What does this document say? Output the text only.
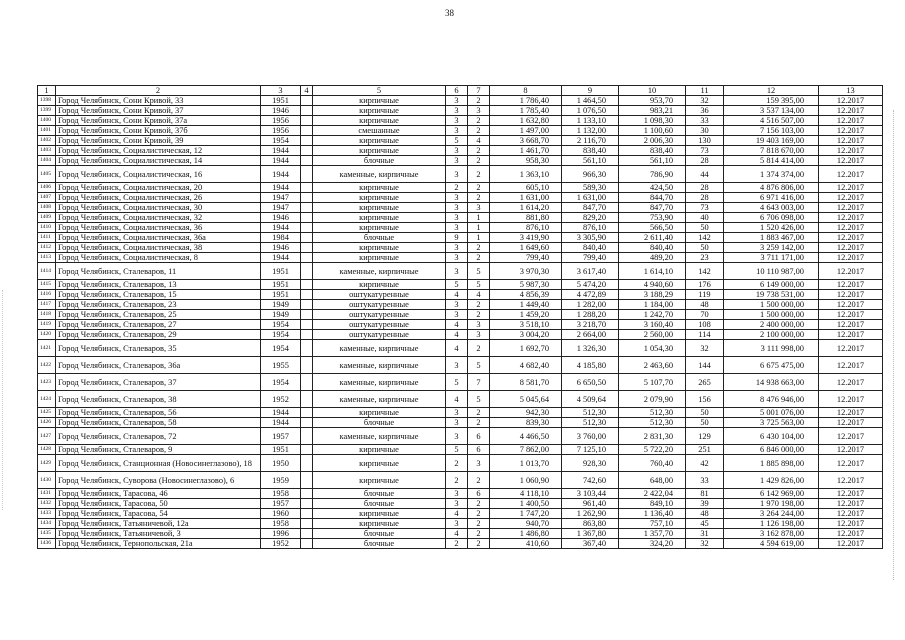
38
1	2	3	4	5	6	7	8	9	10	11	12	13
1398	Город Челябинск, Сони Кривой, 33	1951		кирпичные	3	2	1 786,40	1 464,50	953,70	32	159 395,00	12.2017
1399	Город Челябинск, Сони Кривой, 37	1946		кирпичные	3	3	1 785,40	1 076,50	983,21	36	3 537 134,00	12.2017
1400	Город Челябинск, Сони Кривой, 37а	1956		кирпичные	3	2	1 632,80	1 133,10	1 098,30	33	4 516 507,00	12.2017
1401	Город Челябинск, Сони Кривой, 37б	1956		смешанные	3	2	1 497,00	1 132,00	1 100,60	30	7 156 103,00	12.2017
1402	Город Челябинск, Сони Кривой, 39	1954		кирпичные	5	4	3 668,70	2 116,70	2 006,30	130	19 403 169,00	12.2017
1403	Город Челябинск, Социалистическая, 12	1944		кирпичные	3	2	1 461,70	838,40	838,40	73	7 818 670,00	12.2017
1404	Город Челябинск, Социалистическая, 14	1944		блочные	3	2	958,30	561,10	561,10	28	5 814 414,00	12.2017
1405	Город Челябинск, Социалистическая, 16	1944		каменные, кирпичные	3	2	1 363,10	966,30	786,90	44	1 374 374,00	12.2017
1406	Город Челябинск, Социалистическая, 20	1944		кирпичные	2	2	605,10	589,30	424,50	28	4 876 806,00	12.2017
1407	Город Челябинск, Социалистическая, 26	1947		кирпичные	3	2	1 631,00	1 631,00	844,70	28	6 971 416,00	12.2017
1408	Город Челябинск, Социалистическая, 30	1947		кирпичные	3	3	1 614,20	847,70	847,70	73	4 643 003,00	12.2017
1409	Город Челябинск, Социалистическая, 32	1946		кирпичные	3	1	881,80	829,20	753,90	40	6 706 098,00	12.2017
1410	Город Челябинск, Социалистическая, 36	1944		кирпичные	3	1	876,10	876,10	566,50	50	1 520 426,00	12.2017
1411	Город Челябинск, Социалистическая, 36а	1984		блочные	9	1	3 419,90	3 305,90	2 611,40	142	1 883 467,00	12.2017
1412	Город Челябинск, Социалистическая, 38	1946		кирпичные	3	2	1 649,60	840,40	840,40	50	3 259 142,00	12.2017
1413	Город Челябинск, Социалистическая, 8	1944		кирпичные	3	2	799,40	799,40	489,20	23	3 711 171,00	12.2017
1414	Город Челябинск, Сталеваров, 11	1951		каменные, кирпичные	3	5	3 970,30	3 617,40	1 614,10	142	10 110 987,00	12.2017
1415	Город Челябинск, Сталеваров, 13	1951		кирпичные	5	5	5 987,30	5 474,20	4 940,60	176	6 149 000,00	12.2017
1416	Город Челябинск, Сталеваров, 15	1951		оштукатуренные	4	4	4 856,39	4 472,89	3 188,29	119	19 738 531,00	12.2017
1417	Город Челябинск, Сталеваров, 23	1949		оштукатуренные	3	2	1 449,40	1 282,00	1 184,00	48	1 500 000,00	12.2017
1418	Город Челябинск, Сталеваров, 25	1949		оштукатуренные	3	2	1 459,20	1 288,20	1 242,70	70	1 500 000,00	12.2017
1419	Город Челябинск, Сталеваров, 27	1954		оштукатуренные	4	3	3 518,10	3 218,70	3 160,40	108	2 400 000,00	12.2017
1420	Город Челябинск, Сталеваров, 29	1954		оштукатуренные	4	3	3 004,20	2 664,00	2 560,00	114	2 100 000,00	12.2017
1421	Город Челябинск, Сталеваров, 35	1954		каменные, кирпичные	4	2	1 692,70	1 326,30	1 054,30	32	3 111 998,00	12.2017
1422	Город Челябинск, Сталеваров, 36а	1955		каменные, кирпичные	3	5	4 682,40	4 185,80	2 463,60	144	6 675 475,00	12.2017
1423	Город Челябинск, Сталеваров, 37	1954		каменные, кирпичные	5	7	8 581,70	6 650,50	5 107,70	265	14 938 663,00	12.2017
1424	Город Челябинск, Сталеваров, 38	1952		каменные, кирпичные	4	5	5 045,64	4 509,64	2 079,90	156	8 476 946,00	12.2017
1425	Город Челябинск, Сталеваров, 56	1944		кирпичные	3	2	942,30	512,30	512,30	50	5 001 076,00	12.2017
1426	Город Челябинск, Сталеваров, 58	1944		блочные	3	2	839,30	512,30	512,30	50	3 725 563,00	12.2017
1427	Город Челябинск, Сталеваров, 72	1957		каменные, кирпичные	3	6	4 466,50	3 760,00	2 831,30	129	6 430 104,00	12.2017
1428	Город Челябинск, Сталеваров, 9	1951		кирпичные	5	6	7 862,00	7 125,10	5 722,20	251	6 846 000,00	12.2017
1429	Город Челябинск, Станционная (Новосинеглазово), 18	1950		кирпичные	2	3	1 013,70	928,30	760,40	42	1 885 898,00	12.2017
1430	Город Челябинск, Суворова (Новосинеглазово), 6	1959		кирпичные	2	2	1 060,90	742,60	648,00	33	1 429 826,00	12.2017
1431	Город Челябинск, Тарасова, 46	1958		блочные	3	6	4 118,10	3 103,44	2 422,04	81	6 142 969,00	12.2017
1432	Город Челябинск, Тарасова, 50	1957		блочные	3	2	1 400,50	961,40	849,10	39	1 970 198,00	12.2017
1433	Город Челябинск, Тарасова, 54	1960		кирпичные	4	2	1 747,20	1 262,90	1 136,40	48	3 264 244,00	12.2017
1434	Город Челябинск, Татьяничевой, 12а	1958		кирпичные	3	2	940,70	863,80	757,10	45	1 126 198,00	12.2017
1435	Город Челябинск, Татьяничевой, 3	1996		блочные	4	2	1 486,80	1 367,80	1 357,70	31	3 162 878,00	12.2017
1436	Город Челябинск, Тернопольская, 21а	1952		блочные	2	2	410,60	367,40	324,20	32	4 594 619,00	12.2017
